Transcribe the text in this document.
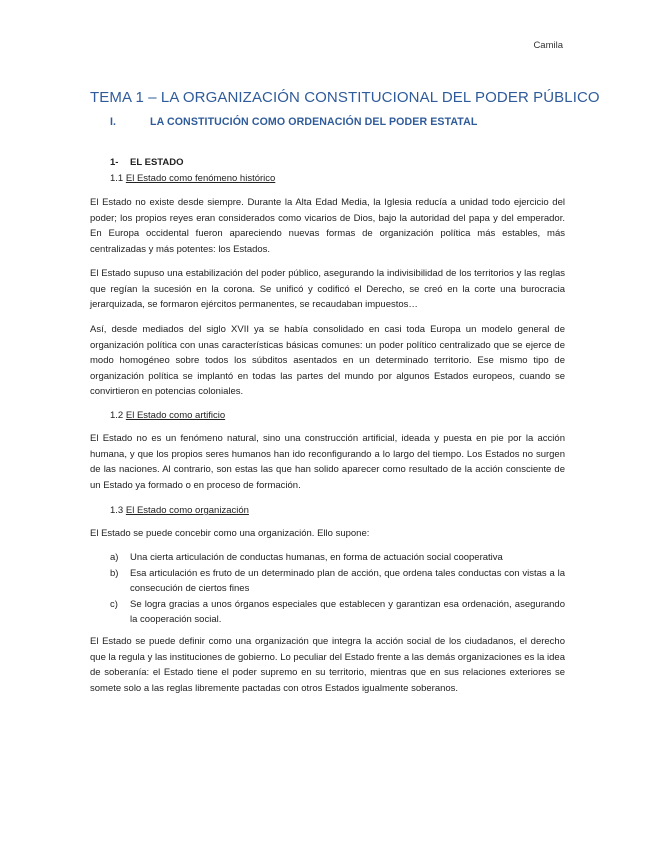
Camila
TEMA 1 – LA ORGANIZACIÓN CONSTITUCIONAL DEL PODER PÚBLICO
I.	LA CONSTITUCIÓN COMO ORDENACIÓN DEL PODER ESTATAL
1- EL ESTADO
1.1 El Estado como fenómeno histórico

El Estado no existe desde siempre. Durante la Alta Edad Media, la Iglesia reducía a unidad todo ejercicio del poder; los propios reyes eran considerados como vicarios de Dios, bajo la autoridad del papa y del emperador. En Europa occidental fueron apareciendo nuevas formas de organización política más estables, más centralizadas y más potentes: los Estados.

El Estado supuso una estabilización del poder público, asegurando la indivisibilidad de los territorios y las reglas que regían la sucesión en la corona. Se unificó y codificó el Derecho, se creó en la corte una burocracia jerarquizada, se formaron ejércitos permanentes, se recaudaban impuestos…

Así, desde mediados del siglo XVII ya se había consolidado en casi toda Europa un modelo general de organización política con unas características básicas comunes: un poder político centralizado que se ejerce de modo homogéneo sobre todos los súbditos asentados en un determinado territorio. Ese mismo tipo de organización política se implantó en todas las partes del mundo por algunos Estados europeos, cuando se convirtieron en potencias coloniales.

1.2 El Estado como artificio

El Estado no es un fenómeno natural, sino una construcción artificial, ideada y puesta en pie por la acción humana, y que los propios seres humanos han ido reconfigurando a lo largo del tiempo. Los Estados no surgen de las naciones. Al contrario, son estas las que han solido aparecer como resultado de la acción consciente de un Estado ya formado o en proceso de formación.

1.3 El Estado como organización

El Estado se puede concebir como una organización. Ello supone:

a) Una cierta articulación de conductas humanas, en forma de actuación social cooperativa
b) Esa articulación es fruto de un determinado plan de acción, que ordena tales conductas con vistas a la consecución de ciertos fines
c) Se logra gracias a unos órganos especiales que establecen y garantizan esa ordenación, asegurando la cooperación social.

El Estado se puede definir como una organización que integra la acción social de los ciudadanos, el derecho que la regula y las instituciones de gobierno. Lo peculiar del Estado frente a las demás organizaciones es la idea de soberanía: el Estado tiene el poder supremo en su territorio, mientras que en sus relaciones exteriores se somete solo a las reglas libremente pactadas con otros Estados igualmente soberanos.
